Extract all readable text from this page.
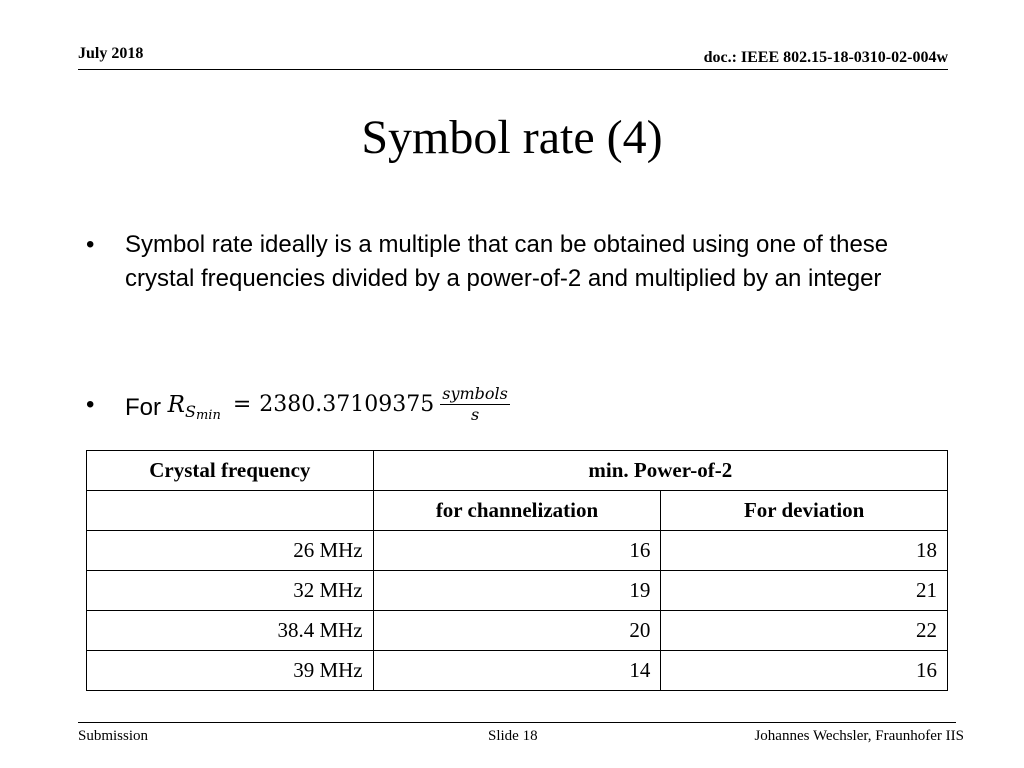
July 2018	doc.: IEEE 802.15-18-0310-02-004w
Symbol rate (4)
• Symbol rate ideally is a multiple that can be obtained using one of these crystal frequencies divided by a power-of-2 and multiplied by an integer
• For R S $\min = 2380.37109375 \frac{\text{symbols}}{s}$
Crystal frequency	min. Power-of-2	
	for channelization	For deviation
26 MHz	16	18
32 MHz	19	21
38.4 MHz	20	22
39 MHz	14	16
Submission	Slide 18	Johannes Wechsler, Fraunhofer IIS
